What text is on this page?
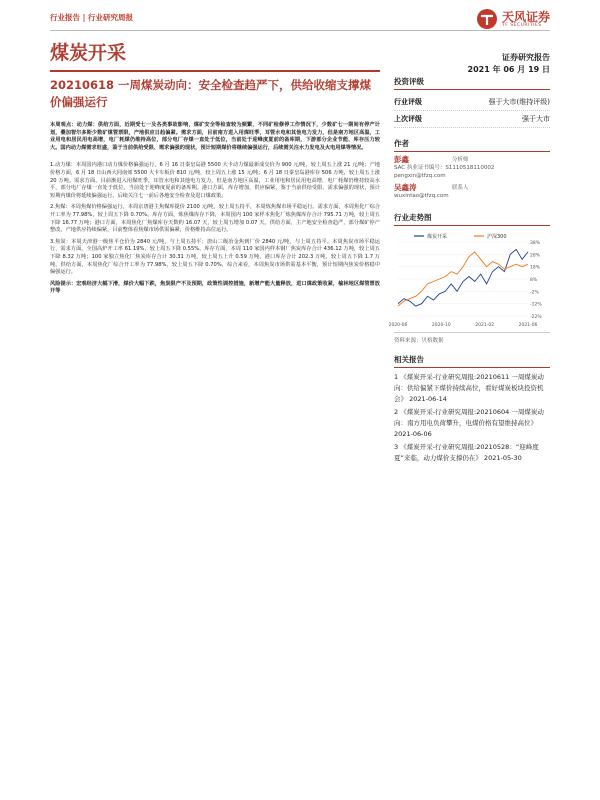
行业报告 | 行业研究周报	天风证券
TF SECURITIES
煤炭开采	证券研究报告
2021 年 06 月 19 日
20210618 一周煤炭动向：安全检查趋严下，供给收缩支撑煤价偏强运行

本周观点：动力煤：供给方面，近期受七一及各类事故影响，煤矿安全等检查较为频繁，不同矿检修停工作情况下，少数矿七一期间有停产计划，叠加智尔多斯少数矿煤管票限，产地供应日趋偏紧。需求方面，目前南方进入用煤旺季，耳管水电和其他电力发力，但是南方地区高温，工业用电和居民用电高增，电厂耗煤仍维持高位，部分电厂存煤一直处于低位，当前处于迎峰度夏前的备库期，下游部分企业节能、库存压力较大。国内动力煤需求旺盛，鉴于当前供给受限、需求偏强的现状，预计短期煤价将继续偏强运行，后续需关注水力发电及火电用煤等情况。

1.动力煤：本周国内港口动力煤价格偏强运行，6 月 16 日秦皇岛港 5500 大卡动力煤最新成交价为 900 元/吨，较上周五上涨 21 元/吨；产地价格方面，6 月 18 日山西大同南郊 5500 大卡车板价 810 元/吨，较上周五上涨 15 元/吨；6 月 18 日秦皇岛港库存 506 万吨，较上周五上涨 20 万吨。需求方面，目前渐进入用煤旺季，耳管水电和其他电力发力，但是南方地区高温，工业用电和居民用电高增，电厂耗煤仍维持较高水平，部分电厂存煤一直处于低位，当前处于迎峰度夏前的备库期。港口方面，库存增加，供应偏紧，鉴于当前供给受限、需求偏强的现状，预计短期内煤价将延续偏强运行，后续关注七一前后各地安全检查及进口煤政策。

2.焦煤：本周焦煤价格偏强运行，本周京唐港主焦煤库提价 2100 元/吨，较上周五持平，本周炼焦煤市场平稳运行。需求方面，本周焦化厂综合开工率为 77.98%，较上周五下降 0.70%。库存方面，炼焦煤库存下降，本周国内 100 家样本焦化厂炼焦煤库存合计 795.71 万吨，较上周五下降 16.77 万吨；港口方面，本周焦化厂焦煤库存天数约 16.07 天，较上周五增加 0.07 天。供给方面，主产地安全检查趋严，部分煤矿停产整改，产地供应持续偏紧，目前整体看焦煤市场供需偏紧，价格维持高位运行。

3.焦炭：本周天津港一级焦平仓价为 2840 元/吨，与上周五持平；唐山二级冶金焦到厂价 2840 元/吨，与上周五持平。本周焦炭市场平稳运行，需求方面，全国高炉开工率 61.19%，较上周五下降 0.55%。库存方面，本周 110 家国内样本钢厂焦炭库存合计 436.12 万吨，较上周五下降 8.32 万吨；100 家独立焦化厂焦炭库存合计 30.31 万吨，较上周五上升 0.59 万吨。港口库存合计 202.3 万吨，较上周五下降 1.7 万吨。供给方面，本周焦化厂综合开工率为 77.98%，较上周五下降 0.70%，综合来看，本周焦炭市场供需基本平衡，预计短期内焦炭价格稳中偏强运行。

风险提示：宏观经济大幅下滑，煤价大幅下跌，焦炭限产不及预期，政策性调控措施，新增产能大量释放，进口煤政策收紧，榆林地区煤管票放开等

投资评级
行业评级	强于大市(维持评级)
上次评级	强于大市
作者
彭鑫	分析师
SAC 执业证书编号：S1110518110002
pengxin@tfzq.com
吴鑫涛	联系人
wuxintao@tfzq.com
行业走势图
-22%
-12%
-2%
8%
18%
28%
38%
2020-06	2020-10	2021-02	2021-06
煤炭开采	沪深300
资料来源：贝格数据
相关报告
1 《煤炭开采-行业研究周报:20210611 一周煤炭动向：供给偏紧下煤价持续高位，看好煤炭板块投资机会》 2021-06-14
2 《煤炭开采-行业研究周报:20210604 一周煤炭动向：南方用电负荷攀升，电煤价格有望维持高位》 2021-06-06
3 《煤炭开采-行业研究周报:20210528：“迎峰度夏”来临，动力煤价支撑仍在》 2021-05-30
